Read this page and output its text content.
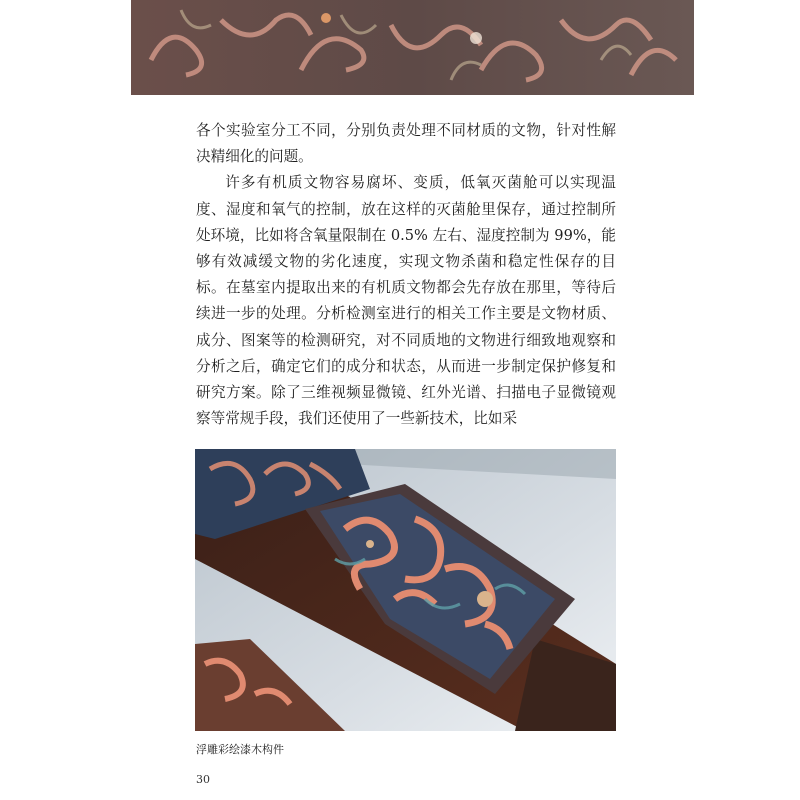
各个实验室分工不同，分别负责处理不同材质的文物，针对性解决精细化的问题。

许多有机质文物容易腐坏、变质，低氧灭菌舱可以实现温度、湿度和氧气的控制，放在这样的灭菌舱里保存，通过控制所处环境，比如将含氧量限制在 0.5% 左右、湿度控制为 99%，能够有效减缓文物的劣化速度，实现文物杀菌和稳定性保存的目标。在墓室内提取出来的有机质文物都会先存放在那里，等待后续进一步的处理。分析检测室进行的相关工作主要是文物材质、成分、图案等的检测研究，对不同质地的文物进行细致地观察和分析之后，确定它们的成分和状态，从而进一步制定保护修复和研究方案。除了三维视频显微镜、红外光谱、扫描电子显微镜观察等常规手段，我们还使用了一些新技术，比如采

浮雕彩绘漆木构件
30
